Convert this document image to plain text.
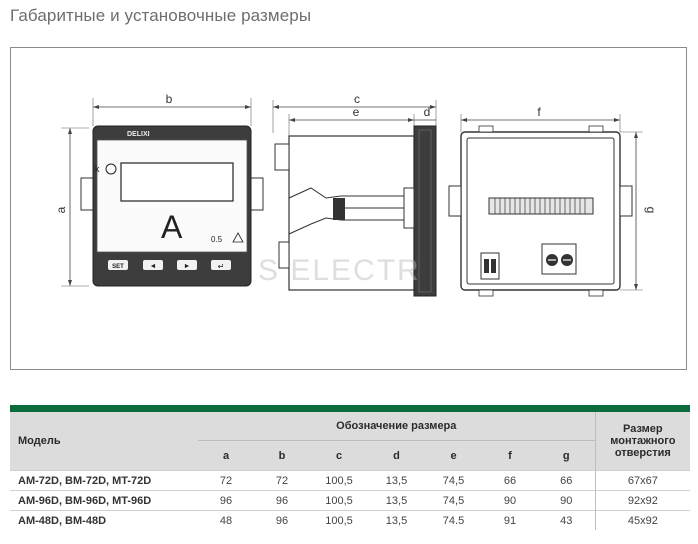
Габаритные и установочные размеры
b
a
DELIXI
k
A	0.5
SET	◄	►	↵
c
e	d
S ELECTR
f
g
Модель	Обозначение размера							Размер монтажного отверстия
	a	b	c	d	e	f	g	
AM-72D, BM-72D, MT-72D	72	72	100,5	13,5	74,5	66	66	67x67
AM-96D, BM-96D, MT-96D	96	96	100,5	13,5	74,5	90	90	92x92
AM-48D, BM-48D	48	96	100,5	13,5	74.5	91	43	45x92
